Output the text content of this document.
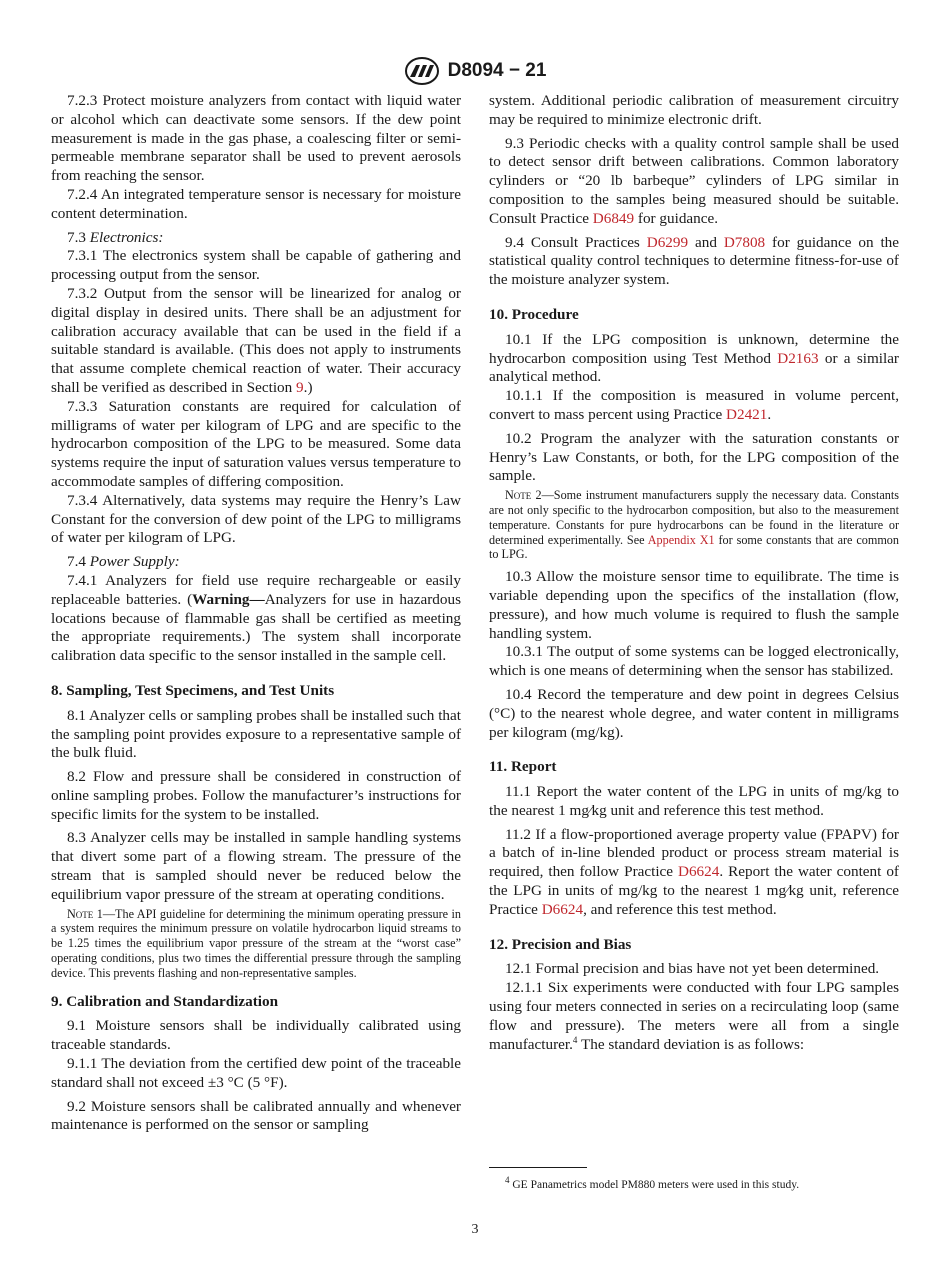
D8094 − 21

7.2.3 Protect moisture analyzers from contact with liquid water or alcohol which can deactivate some sensors. If the dew point measurement is made in the gas phase, a coalescing filter or semi-permeable membrane separator shall be used to prevent aerosols from reaching the sensor.

7.2.4 An integrated temperature sensor is necessary for moisture content determination.

7.3 Electronics:

7.3.1 The electronics system shall be capable of gathering and processing output from the sensor.

7.3.2 Output from the sensor will be linearized for analog or digital display in desired units. There shall be an adjustment for calibration accuracy available that can be used in the field if a suitable standard is available. (This does not apply to instruments that assume complete chemical reaction of water. Their accuracy shall be verified as described in Section 9.)

7.3.3 Saturation constants are required for calculation of milligrams of water per kilogram of LPG and are specific to the hydrocarbon composition of the LPG to be measured. Some data systems require the input of saturation values versus temperature to accommodate samples of differing composition.

7.3.4 Alternatively, data systems may require the Henry’s Law Constant for the conversion of dew point of the LPG to milligrams of water per kilogram of LPG.

7.4 Power Supply:

7.4.1 Analyzers for field use require rechargeable or easily replaceable batteries. (Warning—Analyzers for use in hazardous locations because of flammable gas shall be certified as meeting the appropriate requirements.) The system shall incorporate calibration data specific to the sensor installed in the sample cell.

8. Sampling, Test Specimens, and Test Units

8.1 Analyzer cells or sampling probes shall be installed such that the sampling point provides exposure to a representative sample of the bulk fluid.

8.2 Flow and pressure shall be considered in construction of online sampling probes. Follow the manufacturer’s instructions for specific limits for the system to be installed.

8.3 Analyzer cells may be installed in sample handling systems that divert some part of a flowing stream. The pressure of the stream that is sampled should never be reduced below the equilibrium vapor pressure of the stream at operating conditions.

Note 1—The API guideline for determining the minimum operating pressure in a system requires the minimum pressure on volatile hydrocarbon liquid streams to be 1.25 times the equilibrium vapor pressure of the stream at the “worst case” operating conditions, plus two times the differential pressure through the sampling device. This prevents flashing and non-representative samples.
9. Calibration and Standardization

9.1 Moisture sensors shall be individually calibrated using traceable standards.

9.1.1 The deviation from the certified dew point of the traceable standard shall not exceed ±3 °C (5 °F).

9.2 Moisture sensors shall be calibrated annually and whenever maintenance is performed on the sensor or sampling

system. Additional periodic calibration of measurement circuitry may be required to minimize electronic drift.

9.3 Periodic checks with a quality control sample shall be used to detect sensor drift between calibrations. Common laboratory cylinders or “20 lb barbeque” cylinders of LPG similar in composition to the samples being measured should be suitable. Consult Practice D6849 for guidance.

9.4 Consult Practices D6299 and D7808 for guidance on the statistical quality control techniques to determine fitness-for-use of the moisture analyzer system.

10. Procedure

10.1 If the LPG composition is unknown, determine the hydrocarbon composition using Test Method D2163 or a similar analytical method.

10.1.1 If the composition is measured in volume percent, convert to mass percent using Practice D2421.

10.2 Program the analyzer with the saturation constants or Henry’s Law Constants, or both, for the LPG composition of the sample.

Note 2—Some instrument manufacturers supply the necessary data. Constants are not only specific to the hydrocarbon composition, but also to the measurement temperature. Constants for pure hydrocarbons can be found in the literature or determined experimentally. See Appendix X1 for some constants that are common to LPG.

10.3 Allow the moisture sensor time to equilibrate. The time is variable depending upon the specifics of the installation (flow, pressure), and how much volume is required to flush the sample handling system.

10.3.1 The output of some systems can be logged electronically, which is one means of determining when the sensor has stabilized.

10.4 Record the temperature and dew point in degrees Celsius (°C) to the nearest whole degree, and water content in milligrams per kilogram (mg/kg).

11. Report

11.1 Report the water content of the LPG in units of mg/kg to the nearest 1 mg⁄kg unit and reference this test method.

11.2 If a flow-proportioned average property value (FPAPV) for a batch of in-line blended product or process stream material is required, then follow Practice D6624. Report the water content of the LPG in units of mg/kg to the nearest 1 mg⁄kg unit, reference Practice D6624, and reference this test method.

12. Precision and Bias

12.1 Formal precision and bias have not yet been determined.

12.1.1 Six experiments were conducted with four LPG samples using four meters connected in series on a recirculating loop (same flow and pressure). The meters were all from a single manufacturer.$^4$ The standard deviation is as follows:

$^4$ GE Panametrics model PM880 meters were used in this study.
3
